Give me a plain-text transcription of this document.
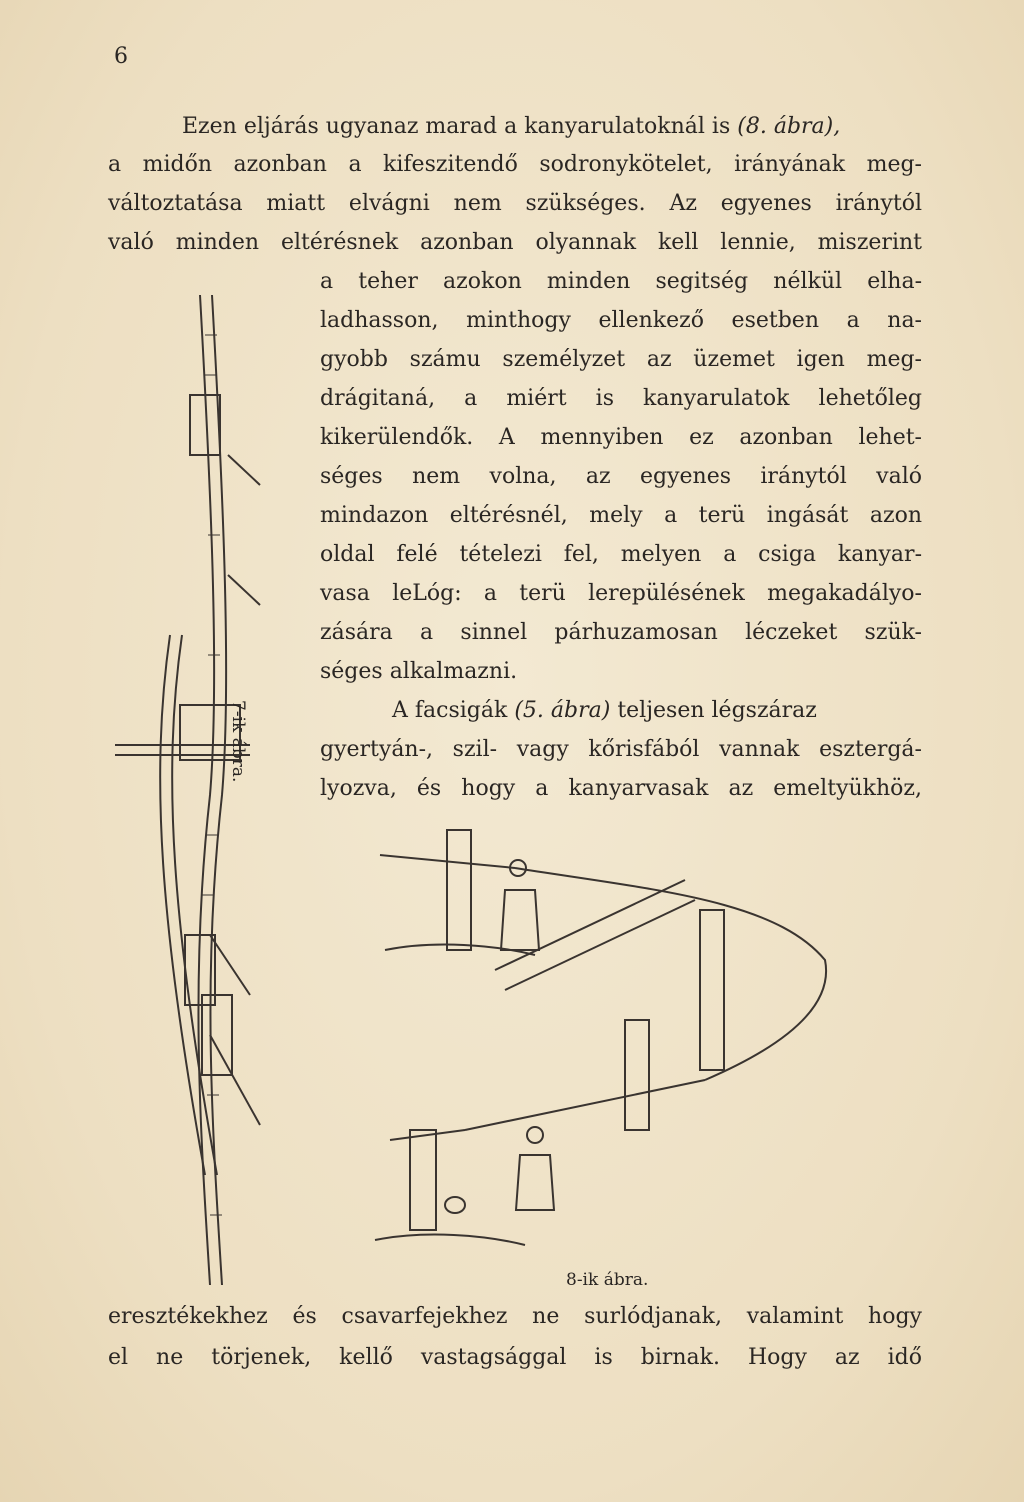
6
Ezen eljárás ugyanaz marad a kanyarulatoknál is (8. ábra),
a midőn azonban a kifeszitendő sodronykötelet, irányának meg-
változtatása miatt elvágni nem szükséges. Az egyenes iránytól
való minden eltérésnek azonban olyannak kell lennie, miszerint
a teher azokon minden segitség nélkül elha-
ladhasson, minthogy ellenkező esetben a na-
gyobb számu személyzet az üzemet igen meg-
drágitaná, a miért is kanyarulatok lehetőleg
kikerülendők. A mennyiben ez azonban lehet-
séges nem volna, az egyenes iránytól való
mindazon eltérésnél, mely a terü ingását azon
oldal felé tételezi fel, melyen a csiga kanyar-
vasa leLóg: a terü lerepülésének megakadályo-
zására a sinnel párhuzamosan léczeket szük-
séges alkalmazni.
A facsigák (5. ábra) teljesen légszáraz
gyertyán-, szil- vagy kőrisfából vannak esztergá-
lyozva, és hogy a kanyarvasak az emeltyükhöz,
7-ik ábra.
8-ik ábra.
eresztékekhez és csavarfejekhez ne surlódjanak, valamint hogy
el ne törjenek, kellő vastagsággal is birnak. Hogy az idő
